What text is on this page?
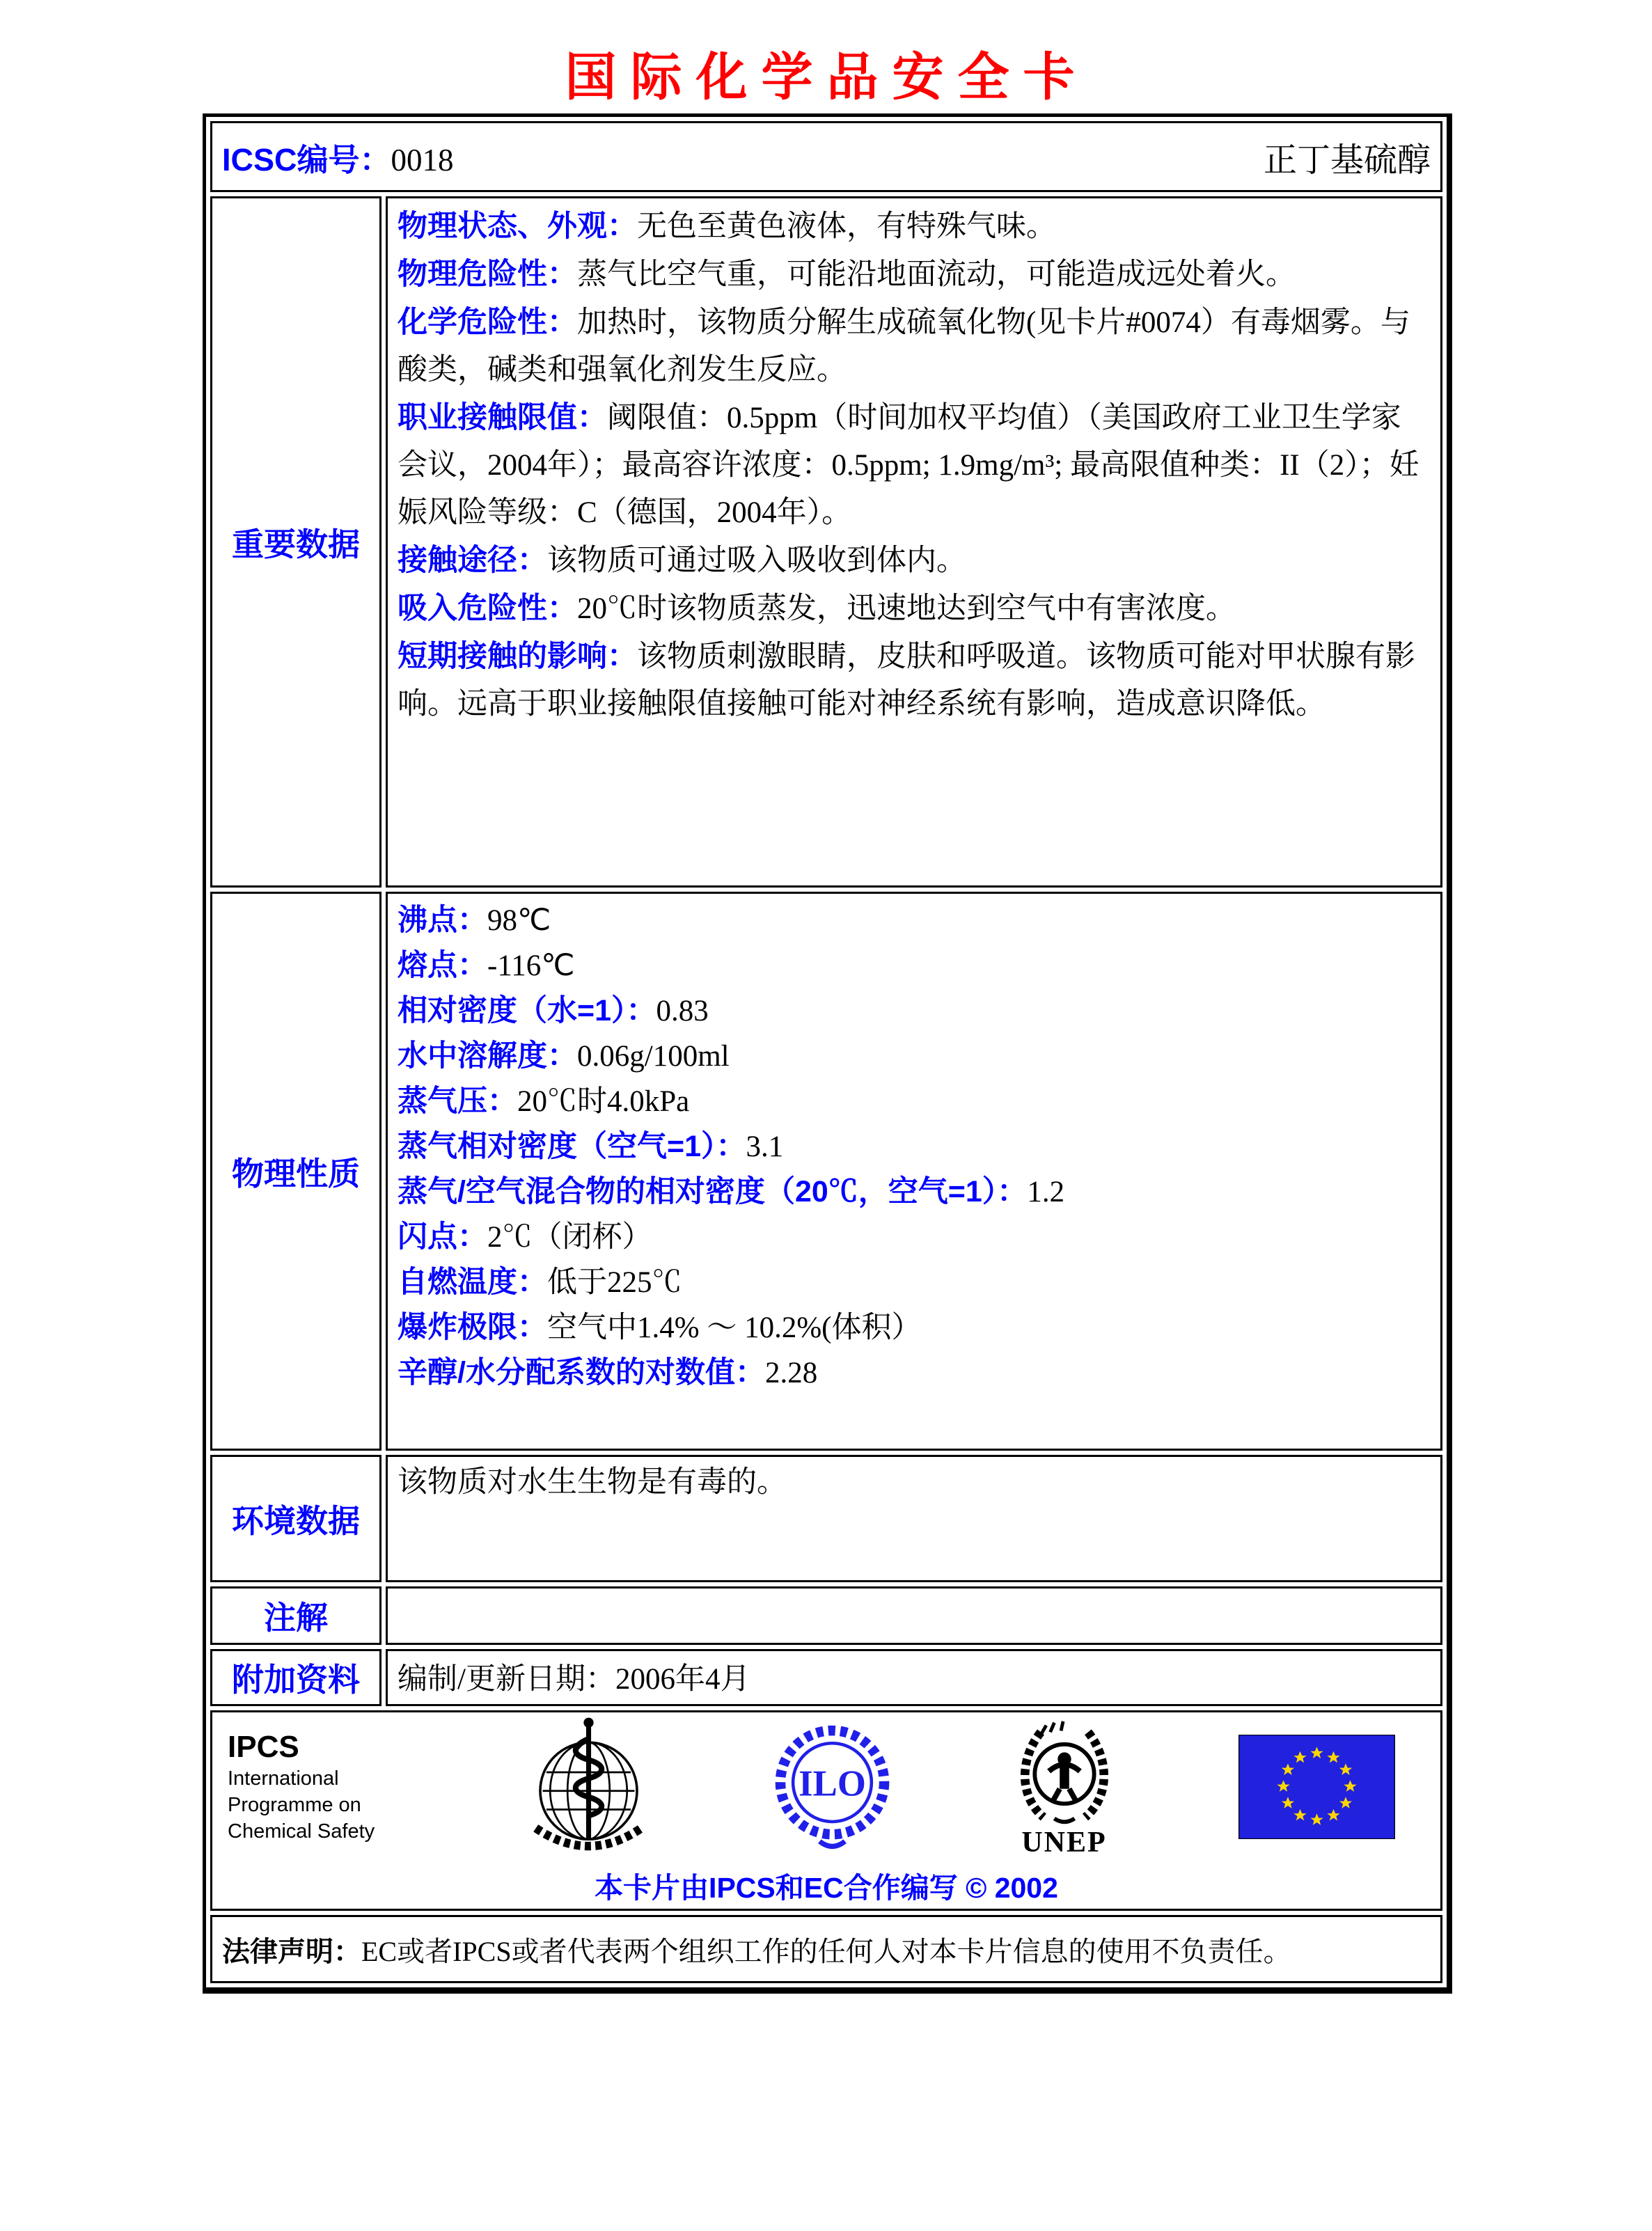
国际化学品安全卡
ICSC编号：0018 正丁基硫醇	

重要数据	
物理状态、外观：无色至黄色液体，有特殊气味。
物理危险性：蒸气比空气重，可能沿地面流动，可能造成远处着火。
化学危险性：加热时，该物质分解生成硫氧化物(见卡片#0074）有毒烟雾。与酸类，碱类和强氧化剂发生反应。
职业接触限值：阈限值：0.5ppm（时间加权平均值）（美国政府工业卫生学家会议，2004年）；最高容许浓度：0.5ppm; 1.9mg/m³; 最高限值种类：II（2）；妊娠风险等级：C（德国，2004年）。
接触途径：该物质可通过吸入吸收到体内。
吸入危险性：20℃时该物质蒸发，迅速地达到空气中有害浓度。
短期接触的影响：该物质刺激眼睛，皮肤和呼吸道。该物质可能对甲状腺有影响。远高于职业接触限值接触可能对神经系统有影响，造成意识降低。

物理性质	
沸点：98℃
熔点：-116℃
相对密度（水=1）：0.83
水中溶解度：0.06g/100ml
蒸气压：20℃时4.0kPa
蒸气相对密度（空气=1）：3.1
蒸气/空气混合物的相对密度（20℃，空气=1）：1.2
闪点：2℃（闭杯）
自燃温度：低于225℃
爆炸极限：空气中1.4% ～ 10.2%(体积）
辛醇/水分配系数的对数值：2.28

环境数据	该物质对水生生物是有毒的。

注解	
附加资料	编制/更新日期：2006年4月

IPCS
International
Programme on
Chemical Safety
ILO
UNEP
本卡片由IPCS和EC合作编写 © 2002

法律声明：EC或者IPCS或者代表两个组织工作的任何人对本卡片信息的使用不负责任。	
